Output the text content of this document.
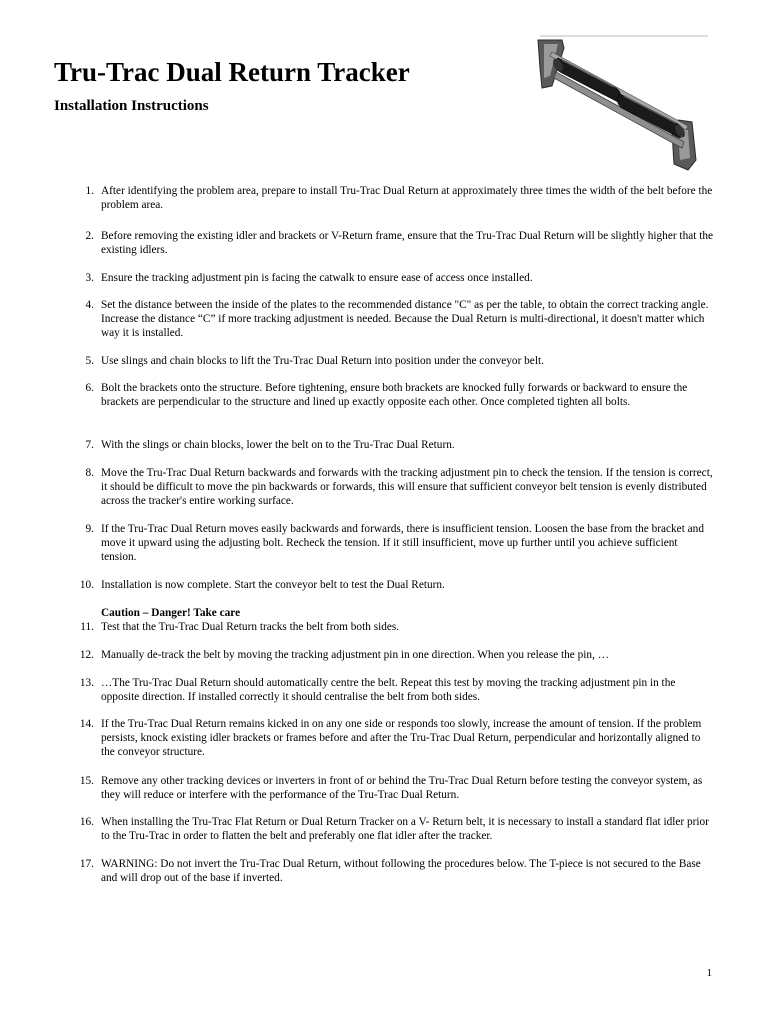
Tru-Trac Dual Return Tracker
Installation Instructions
1. After identifying the problem area, prepare to install Tru-Trac Dual Return at approximately three times the width of the belt before the problem area.
2. Before removing the existing idler and brackets or V-Return frame, ensure that the Tru-Trac Dual Return will be slightly higher that the existing idlers.
3. Ensure the tracking adjustment pin is facing the catwalk to ensure ease of access once installed.
4. Set the distance between the inside of the plates to the recommended distance "C" as per the table, to obtain the correct tracking angle. Increase the distance “C” if more tracking adjustment is needed. Because the Dual Return is multi-directional, it doesn't matter which way it is installed.
5. Use slings and chain blocks to lift the Tru-Trac Dual Return into position under the conveyor belt.
6. Bolt the brackets onto the structure. Before tightening, ensure both brackets are knocked fully forwards or backward to ensure the brackets are perpendicular to the structure and lined up exactly opposite each other. Once completed tighten all bolts.
7. With the slings or chain blocks, lower the belt on to the Tru-Trac Dual Return.
8. Move the Tru-Trac Dual Return backwards and forwards with the tracking adjustment pin to check the tension. If the tension is correct, it should be difficult to move the pin backwards or forwards, this will ensure that sufficient conveyor belt tension is evenly distributed across the tracker's entire working surface.
9. If the Tru-Trac Dual Return moves easily backwards and forwards, there is insufficient tension. Loosen the base from the bracket and move it upward using the adjusting bolt. Recheck the tension. If it still insufficient, move up further until you achieve sufficient tension.
10. Installation is now complete. Start the conveyor belt to test the Dual Return.
Caution – Danger! Take care
11. Test that the Tru-Trac Dual Return tracks the belt from both sides.
12. Manually de-track the belt by moving the tracking adjustment pin in one direction. When you release the pin, …
13. …The Tru-Trac Dual Return should automatically centre the belt. Repeat this test by moving the tracking adjustment pin in the opposite direction. If installed correctly it should centralise the belt from both sides.
14. If the Tru-Trac Dual Return remains kicked in on any one side or responds too slowly, increase the amount of tension. If the problem persists, knock existing idler brackets or frames before and after the Tru-Trac Dual Return, perpendicular and horizontally aligned to the conveyor structure.
15. Remove any other tracking devices or inverters in front of or behind the Tru-Trac Dual Return before testing the conveyor system, as they will reduce or interfere with the performance of the Tru-Trac Dual Return.
16. When installing the Tru-Trac Flat Return or Dual Return Tracker on a V- Return belt, it is necessary to install a standard flat idler prior to the Tru-Trac in order to flatten the belt and preferably one flat idler after the tracker.
17. WARNING: Do not invert the Tru-Trac Dual Return, without following the procedures below. The T-piece is not secured to the Base and will drop out of the base if inverted.
1
